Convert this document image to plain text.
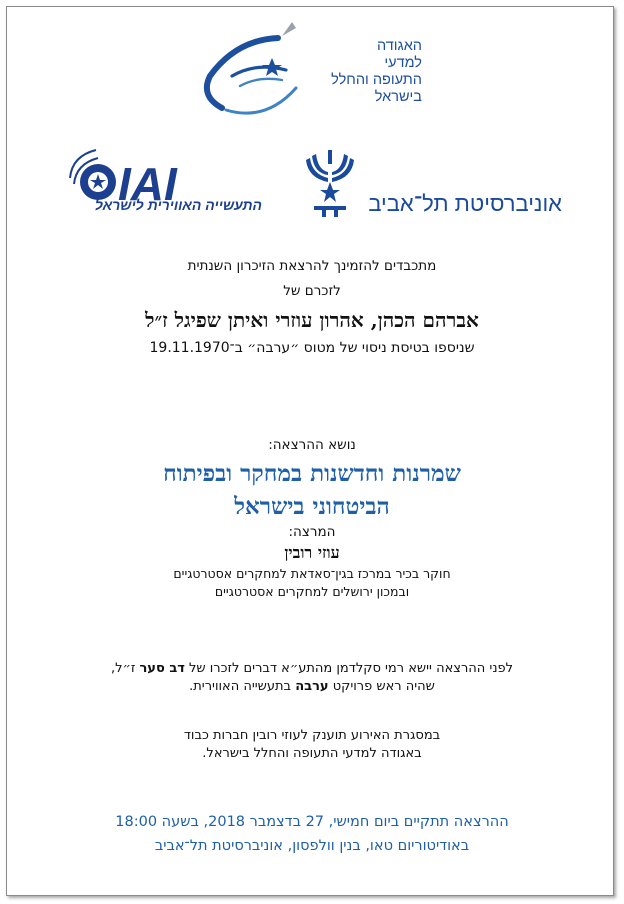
האגודה
למדעי
התעופה והחלל
בישראל
IAI
התעשייה האווירית לישראל	אוניברסיטת תל־אביב
מתכבדים להזמינך להרצאת הזיכרון השנתית
לזכרם של
אברהם הכהן, אהרון עוזרי ואיתן שפיגל ז״ל
שניספו בטיסת ניסוי של מטוס ״ערבה״ ב־19.11.1970
נושא ההרצאה:
שמרנות וחדשנות במחקר ובפיתוח
הביטחוני בישראל
המרצה:
עוזי רובין
חוקר בכיר במרכז בגין־סאדאת למחקרים אסטרטגיים
ובמכון ירושלים למחקרים אסטרטגיים
לפני ההרצאה יישא רמי סקלדמן מהתע״א דברים לזכרו של דב סער ז״ל,
שהיה ראש פרויקט ערבה בתעשייה האווירית.
במסגרת האירוע תוענק לעוזי רובין חברות כבוד
באגודה למדעי התעופה והחלל בישראל.
ההרצאה תתקיים ביום חמישי, 27 בדצמבר 2018, בשעה 18:00
באודיטוריום טאו, בנין וולפסון, אוניברסיטת תל־אביב
